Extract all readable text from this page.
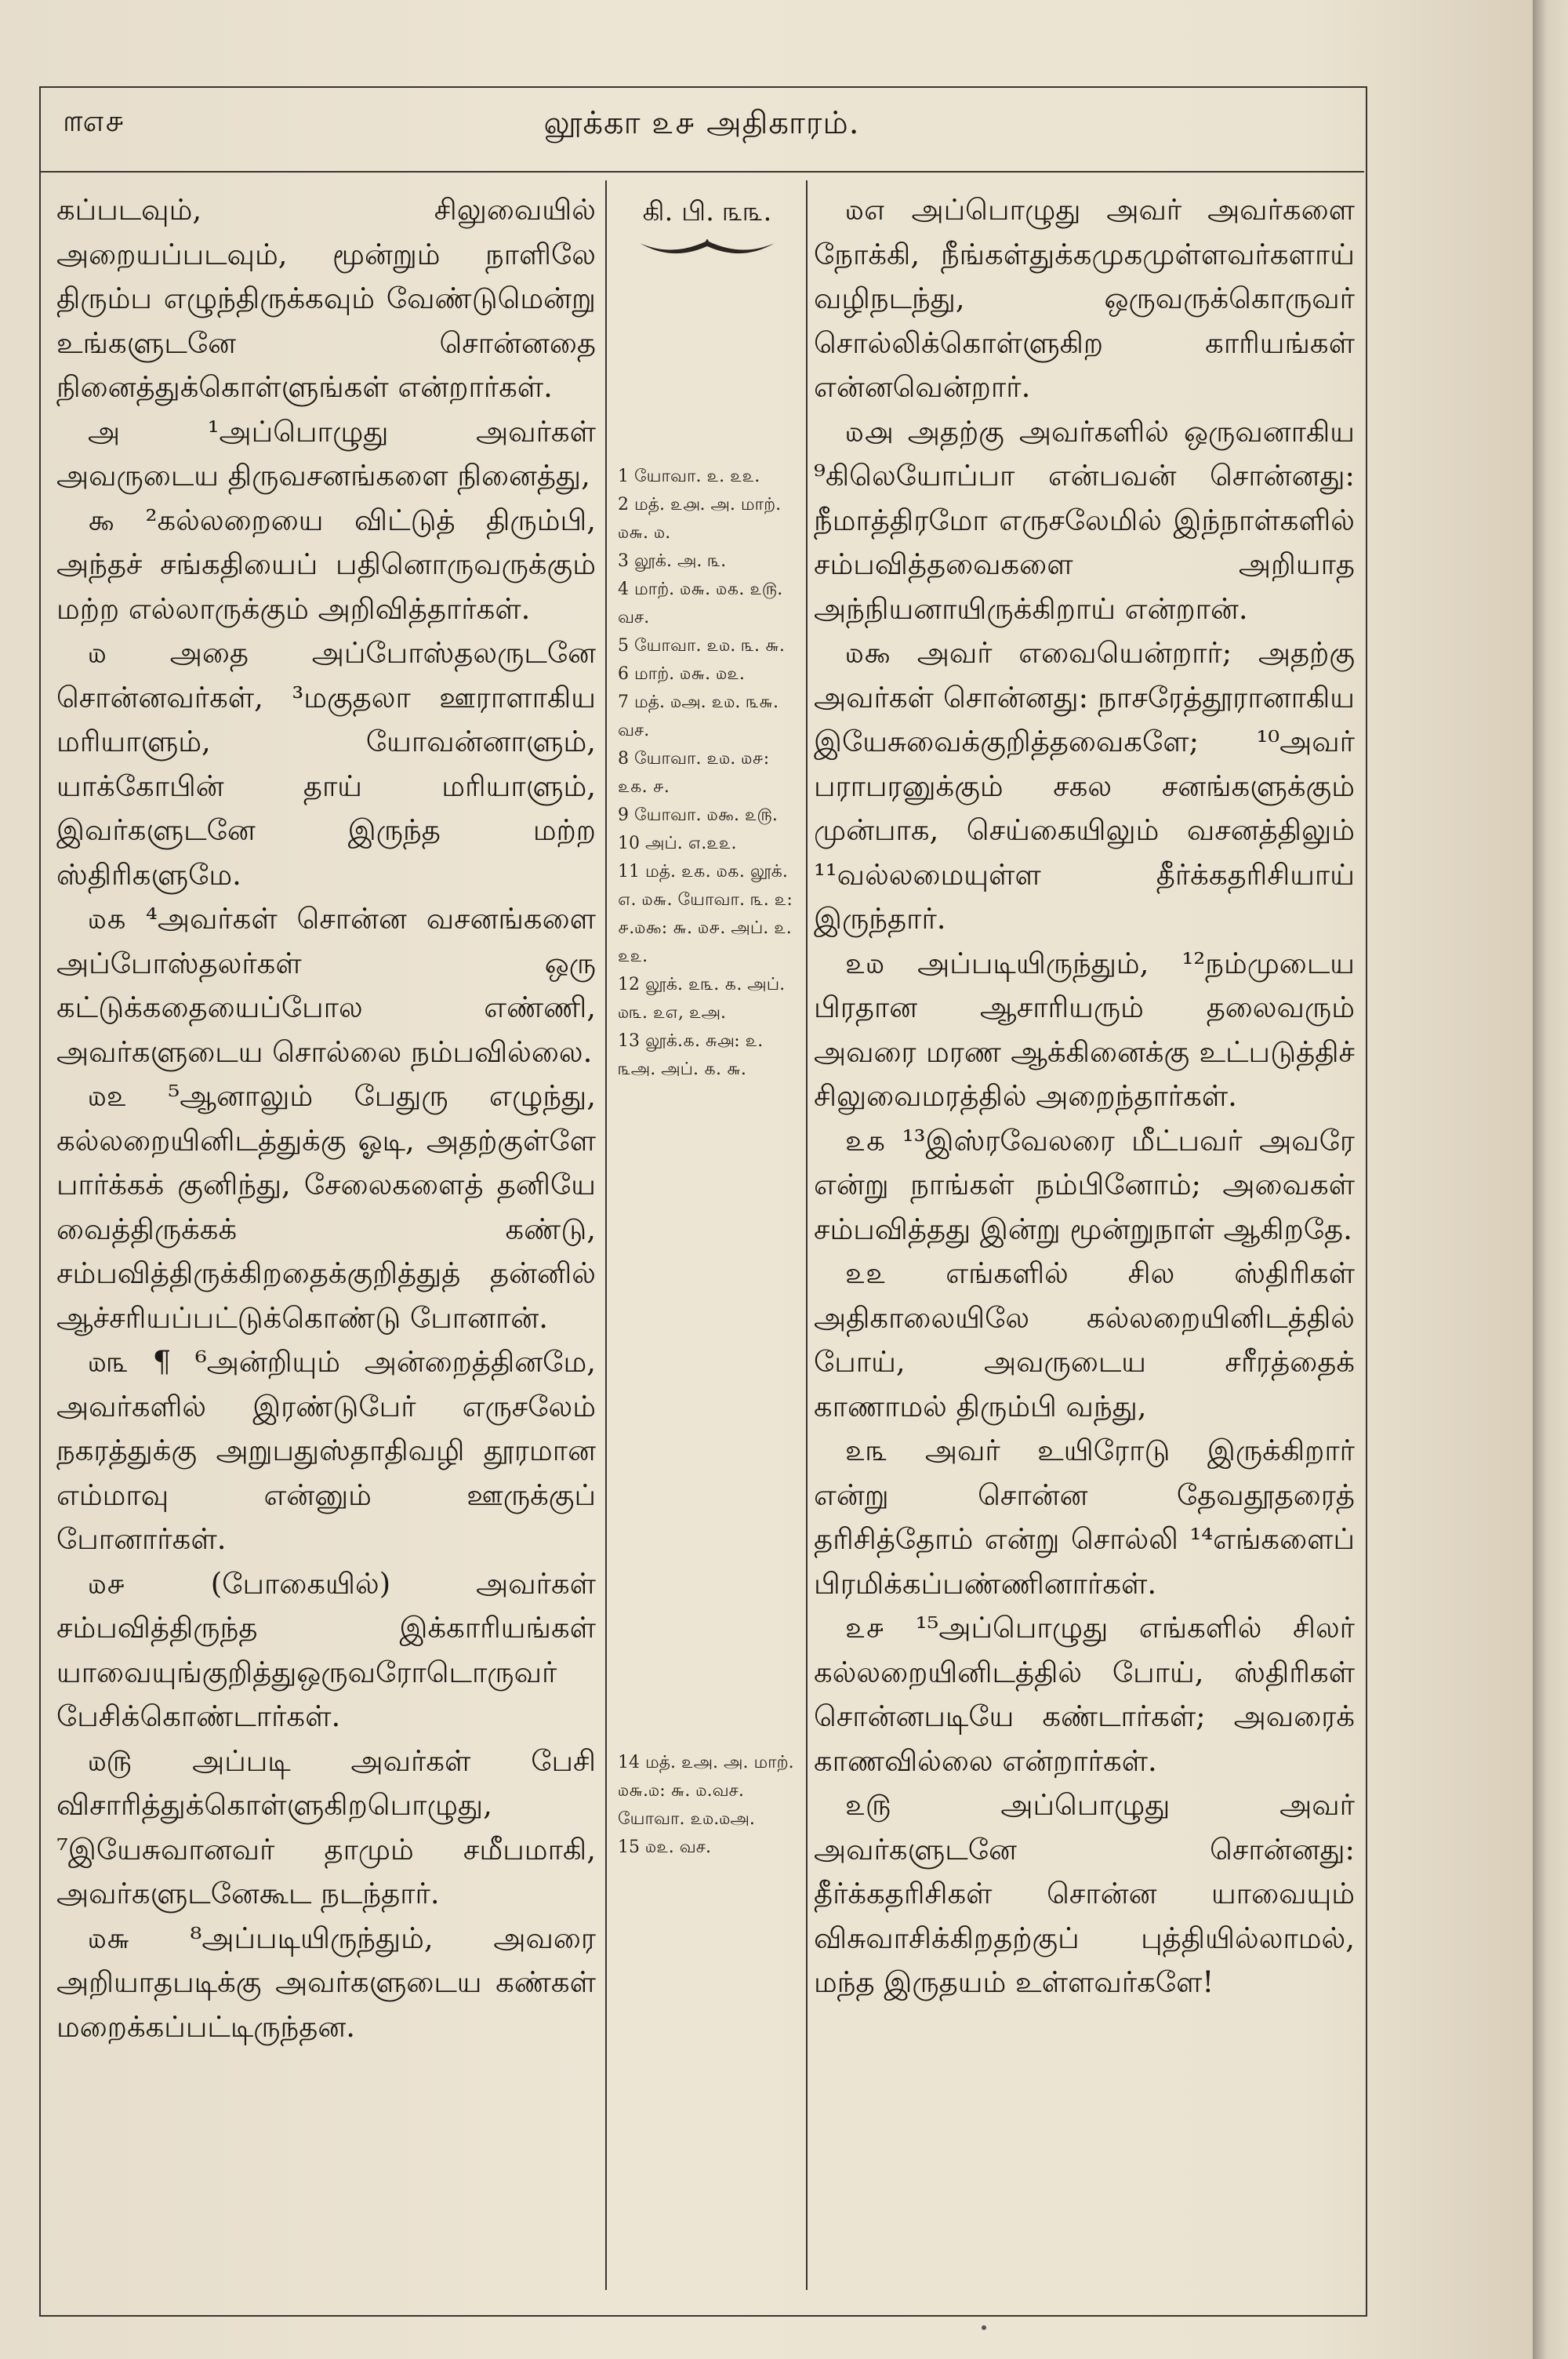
௱௭௪	லூக்கா ௨௪ அதிகாரம்.

கப்படவும், சிலுவையில் அறையப்படவும், மூன்றும் நாளிலே திரும்ப எழுந்திருக்கவும் வேண்டுமென்று உங்களுடனே சொன்னதை நினைத்துக்கொள்ளுங்கள் என்றார்கள்.

அ ¹அப்பொழுது அவர்கள் அவருடைய திருவசனங்களை நினைத்து,

௯ ²கல்லறையை விட்டுத் திரும்பி, அந்தச் சங்கதியைப் பதினொருவருக்கும் மற்ற எல்லாருக்கும் அறிவித்தார்கள்.

௰ அதை அப்போஸ்தலருடனே சொன்னவர்கள், ³மகுதலா ஊராளாகிய மரியாளும், யோவன்னாளும், யாக்கோபின் தாய் மரியாளும், இவர்களுடனே இருந்த மற்ற ஸ்திரிகளுமே.

௰௧ ⁴அவர்கள் சொன்ன வசனங்களை அப்போஸ்தலர்கள் ஒரு கட்டுக்கதையைப்போல எண்ணி, அவர்களுடைய சொல்லை நம்பவில்லை.

௰௨ ⁵ஆனாலும் பேதுரு எழுந்து, கல்லறையினிடத்துக்கு ஓடி, அதற்குள்ளே பார்க்கக் குனிந்து, சேலைகளைத் தனியே வைத்திருக்கக் கண்டு, சம்பவித்திருக்கிறதைக்குறித்துத் தன்னில் ஆச்சரியப்பட்டுக்கொண்டு போனான்.

௰௩ ¶ ⁶அன்றியும் அன்றைத்தினமே, அவர்களில் இரண்டுபேர் எருசலேம் நகரத்துக்கு அறுபதுஸ்தாதிவழி தூரமான எம்மாவு என்னும் ஊருக்குப் போனார்கள்.

௰௪ (போகையில்) அவர்கள் சம்பவித்திருந்த இக்காரியங்கள் யாவையுங்குறித்துஒருவரோடொருவர் பேசிக்கொண்டார்கள்.

௰௫ அப்படி அவர்கள் பேசி விசாரித்துக்கொள்ளுகிறபொழுது, ⁷இயேசுவானவர் தாமும் சமீபமாகி, அவர்களுடனேகூட நடந்தார்.

௰௬ ⁸அப்படியிருந்தும், அவரை அறியாதபடிக்கு அவர்களுடைய கண்கள் மறைக்கப்பட்டிருந்தன.

கி. பி. ௩௩.

1 யோவா. ௨. ௨௨.

2 மத். ௨௮. அ. மாற். ௰௬. ௰.

3 லூக். அ. ௩.

4 மாற். ௰௬. ௰௧. ௨௫. வச.

5 யோவா. ௨௰. ௩. ௬.

6 மாற். ௰௬. ௰௨.

7 மத். ௰அ. ௨௰. ௩௬. வச.

8 யோவா. ௨௰. ௰௪: ௨௧. ௪.

9 யோவா. ௰௯. ௨௫.

10 அப். ௭.௨௨.

11 மத். ௨௧. ௰௧. லூக். ௭. ௰௬. யோவா. ௩. ௨: ௪.௰௯: ௬. ௰௪. அப். ௨. ௨௨.

12 லூக். ௨௩. ௧. அப். ௰௩. ௨௭, ௨அ.

13 லூக்.௧. சு௮: ௨. ௩அ. அப். ௧. ௬.

14 மத். ௨அ. அ. மாற். ௰௬.௰: ௬. ௰.வச. யோவா. ௨௰.௰அ.

15 ௰௨. வச.

௰௭ அப்பொழுது அவர் அவர்களை நோக்கி, நீங்கள்துக்கமுகமுள்ளவர்களாய் வழிநடந்து, ஒருவருக்கொருவர் சொல்லிக்கொள்ளுகிற காரியங்கள் என்னவென்றார்.

௰௮ அதற்கு அவர்களில் ஒருவனாகிய ⁹கிலெயோப்பா என்பவன் சொன்னது: நீமாத்திரமோ எருசலேமில் இந்நாள்களில் சம்பவித்தவைகளை அறியாத அந்நியனாயிருக்கிறாய் என்றான்.

௰௯ அவர் எவையென்றார்; அதற்கு அவர்கள் சொன்னது: நாசரேத்தூரானாகிய இயேசுவைக்குறித்தவைகளே; ¹⁰அவர் பராபரனுக்கும் சகல சனங்களுக்கும் முன்பாக, செய்கையிலும் வசனத்திலும் ¹¹வல்லமையுள்ள தீர்க்கதரிசியாய் இருந்தார்.

௨௰ அப்படியிருந்தும், ¹²நம்முடைய பிரதான ஆசாரியரும் தலைவரும் அவரை மரண ஆக்கினைக்கு உட்படுத்திச் சிலுவைமரத்தில் அறைந்தார்கள்.

௨௧ ¹³இஸ்ரவேலரை மீட்பவர் அவரே என்று நாங்கள் நம்பினோம்; அவைகள் சம்பவித்தது இன்று மூன்றுநாள் ஆகிறதே.

௨௨ எங்களில் சில ஸ்திரிகள் அதிகாலையிலே கல்லறையினிடத்தில் போய், அவருடைய சரீரத்தைக் காணாமல் திரும்பி வந்து,

௨௩ அவர் உயிரோடு இருக்கிறார் என்று சொன்ன தேவதூதரைத் தரிசித்தோம் என்று சொல்லி ¹⁴எங்களைப் பிரமிக்கப்பண்ணினார்கள்.

௨௪ ¹⁵அப்பொழுது எங்களில் சிலர் கல்லறையினிடத்தில் போய், ஸ்திரிகள் சொன்னபடியே கண்டார்கள்; அவரைக் காணவில்லை என்றார்கள்.

௨௫ அப்பொழுது அவர் அவர்களுடனே சொன்னது: தீர்க்கதரிசிகள் சொன்ன யாவையும் விசுவாசிக்கிறதற்குப் புத்தியில்லாமல், மந்த இருதயம் உள்ளவர்களே!
